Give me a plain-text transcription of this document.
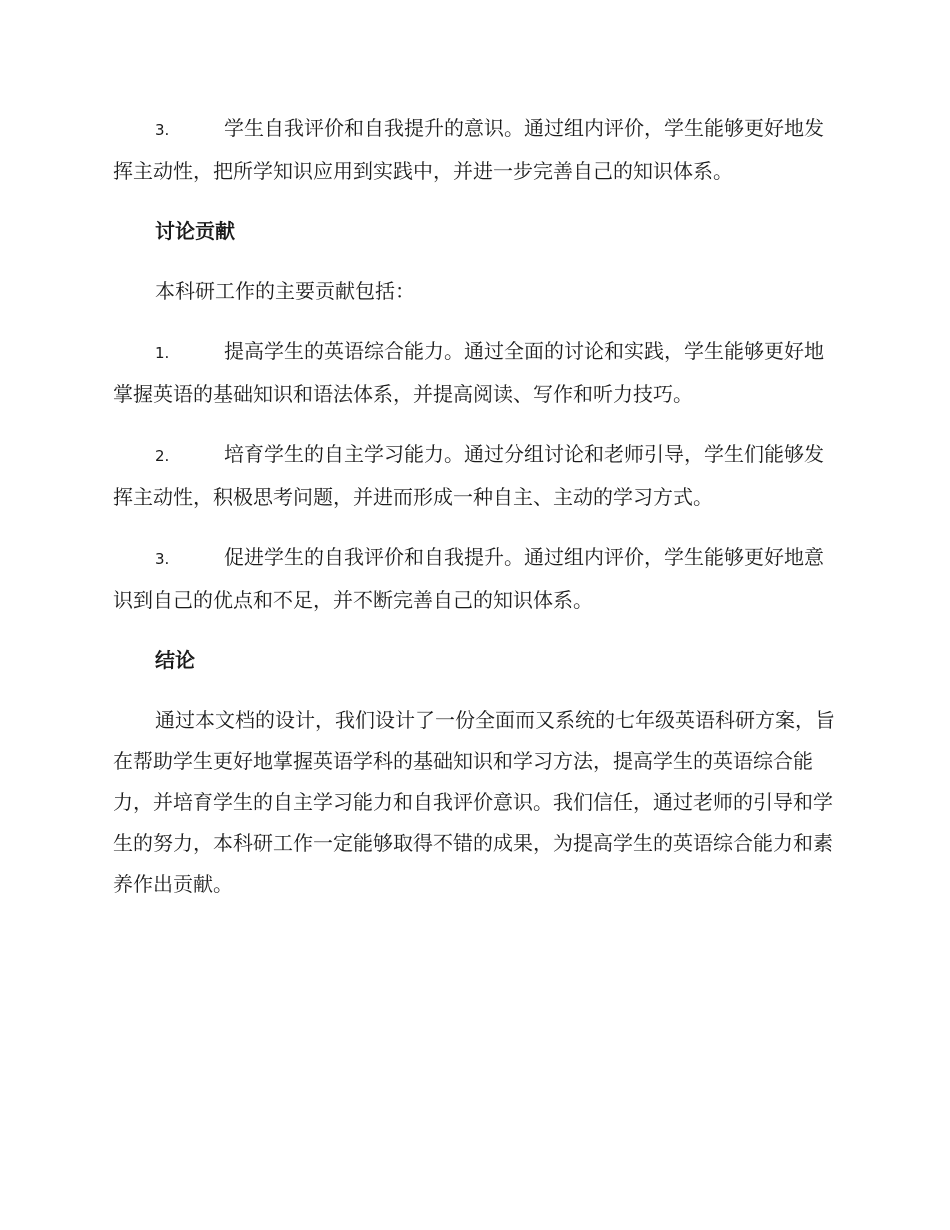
3.	学生自我评价和自我提升的意识。通过组内评价，学生能够更好地发挥主动性，把所学知识应用到实践中，并进一步完善自己的知识体系。

讨论贡献

本科研工作的主要贡献包括：

1.	提高学生的英语综合能力。通过全面的讨论和实践，学生能够更好地掌握英语的基础知识和语法体系，并提高阅读、写作和听力技巧。

2.	培育学生的自主学习能力。通过分组讨论和老师引导，学生们能够发挥主动性，积极思考问题，并进而形成一种自主、主动的学习方式。

3.	促进学生的自我评价和自我提升。通过组内评价，学生能够更好地意识到自己的优点和不足，并不断完善自己的知识体系。

结论

通过本文档的设计，我们设计了一份全面而又系统的七年级英语科研方案，旨在帮助学生更好地掌握英语学科的基础知识和学习方法，提高学生的英语综合能力，并培育学生的自主学习能力和自我评价意识。我们信任，通过老师的引导和学生的努力，本科研工作一定能够取得不错的成果，为提高学生的英语综合能力和素养作出贡献。
